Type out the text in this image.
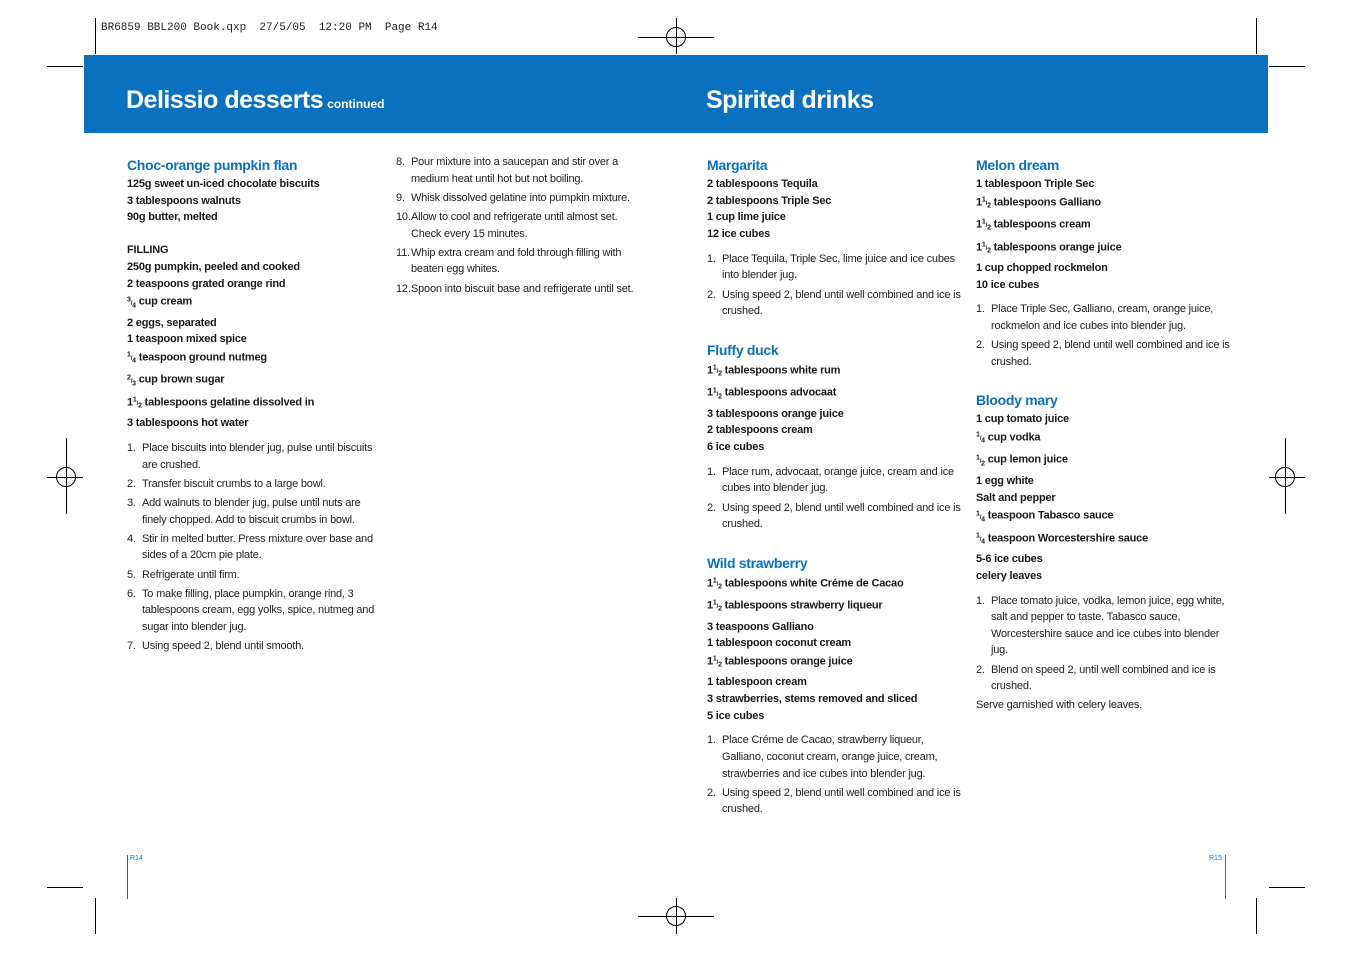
BR6859 BBL200 Book.qxp  27/5/05  12:20 PM  Page R14
Delissio desserts continued	Spirited drinks
Choc-orange pumpkin flan
125g sweet un-iced chocolate biscuits
3 tablespoons walnuts
90g butter, melted
FILLING
250g pumpkin, peeled and cooked
2 teaspoons grated orange rind
$^3/_4$ cup cream
2 eggs, separated
1 teaspoon mixed spice
$^1/_4$ teaspoon ground nutmeg
$^2/_3$ cup brown sugar
$1^1/_2$ tablespoons gelatine dissolved in
3 tablespoons hot water
1. Place biscuits into blender jug, pulse until biscuits are crushed.
2. Transfer biscuit crumbs to a large bowl.
3. Add walnuts to blender jug, pulse until nuts are finely chopped. Add to biscuit crumbs in bowl.
4. Stir in melted butter. Press mixture over base and sides of a 20cm pie plate.
5. Refrigerate until firm.
6. To make filling, place pumpkin, orange rind, 3 tablespoons cream, egg yolks, spice, nutmeg and sugar into blender jug.
7. Using speed 2, blend until smooth.
8. Pour mixture into a saucepan and stir over a medium heat until hot but not boiling.
9. Whisk dissolved gelatine into pumpkin mixture.
10. Allow to cool and refrigerate until almost set. Check every 15 minutes.
11. Whip extra cream and fold through filling with beaten egg whites.
12. Spoon into biscuit base and refrigerate until set.
Margarita
2 tablespoons Tequila
2 tablespoons Triple Sec
1 cup lime juice
12 ice cubes
1. Place Tequila, Triple Sec, lime juice and ice cubes into blender jug.
2. Using speed 2, blend until well combined and ice is crushed.
Fluffy duck
$1^1/_2$ tablespoons white rum
$1^1/_2$ tablespoons advocaat
3 tablespoons orange juice
2 tablespoons cream
6 ice cubes
1. Place rum, advocaat, orange juice, cream and ice cubes into blender jug.
2. Using speed 2, blend until well combined and ice is crushed.
Wild strawberry
$1^1/_2$ tablespoons white Créme de Cacao
$1^1/_2$ tablespoons strawberry liqueur
3 teaspoons Galliano
1 tablespoon coconut cream
$1^1/_2$ tablespoons orange juice
1 tablespoon cream
3 strawberries, stems removed and sliced
5 ice cubes
1. Place Créme de Cacao, strawberry liqueur, Galliano, coconut cream, orange juice, cream, strawberries and ice cubes into blender jug.
2. Using speed 2, blend until well combined and ice is crushed.
Melon dream
1 tablespoon Triple Sec
$1^1/_2$ tablespoons Galliano
$1^1/_2$ tablespoons cream
$1^1/_2$ tablespoons orange juice
1 cup chopped rockmelon
10 ice cubes
1. Place Triple Sec, Galliano, cream, orange juice, rockmelon and ice cubes into blender jug.
2. Using speed 2, blend until well combined and ice is crushed.
Bloody mary
1 cup tomato juice
$^1/_4$ cup vodka
$^1/_2$ cup lemon juice
1 egg white
Salt and pepper
$^1/_4$ teaspoon Tabasco sauce
$^1/_4$ teaspoon Worcestershire sauce
5-6 ice cubes
celery leaves
1. Place tomato juice, vodka, lemon juice, egg white, salt and pepper to taste. Tabasco sauce, Worcestershire sauce and ice cubes into blender jug.
2. Blend on speed 2, until well combined and ice is crushed.
Serve garnished with celery leaves.
R14	R15
